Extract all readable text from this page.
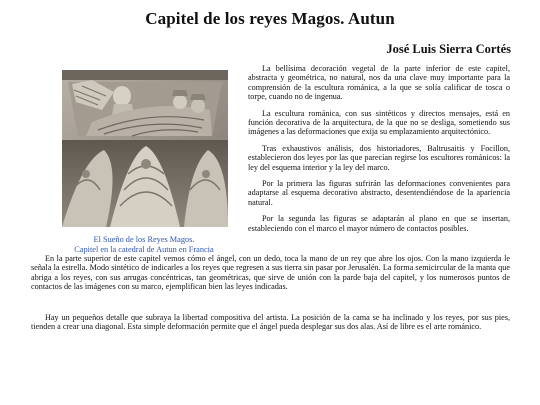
Capitel de los reyes Magos. Autun

José Luis Sierra Cortés

El Sueño de los Reyes Magos.
Capitel en la catedral de Autun en Francia

La bellísima decoración vegetal de la parte inferior de este capitel, abstracta y geométrica, no natural, nos da una clave muy importante para la comprensión de la escultura románica, a la que se solía calificar de tosca o torpe, cuando no de ingenua.

La escultura románica, con sus sintéticos y directos mensajes, está en función decorativa de la arquitectura, de la que no se desliga, sometiendo sus imágenes a las deformaciones que exija su emplazamiento arquitectónico.

Tras exhaustivos análisis, dos historiadores, Baltrusaitis y Focillon, establecieron dos leyes por las que parecían regirse los escultores románicos: la ley del esquema interior y la ley del marco.

Por la primera las figuras sufrirán las deformaciones convenientes para adaptarse al esquema decorativo abstracto, desentendiéndose de la apariencia natural.

Por la segunda las figuras se adaptarán al plano en que se insertan, estableciendo con el marco el mayor número de contactos posibles.

En la parte superior de este capitel vemos cómo el ángel, con un dedo, toca la mano de un rey que abre los ojos. Con la mano izquierda le señala la estrella. Modo sintético de indicarles a los reyes que regresen a sus tierra sin pasar por Jerusalén. La forma semicircular de la manta que abriga a los reyes, con sus arrugas concéntricas, tan geométricas, que sirve de unión con la parde baja del capitel, y los numerosos puntos de contactos de las imágenes con su marco, ejemplifican bien las leyes indicadas.

Hay un pequeños detalle que subraya la libertad compositiva del artista. La posición de la cama se ha inclinado y los reyes, por sus pies, tienden a crear una diagonal. Esta simple deformación permite que el ángel pueda desplegar sus dos alas. Así de libre es el arte románico.
